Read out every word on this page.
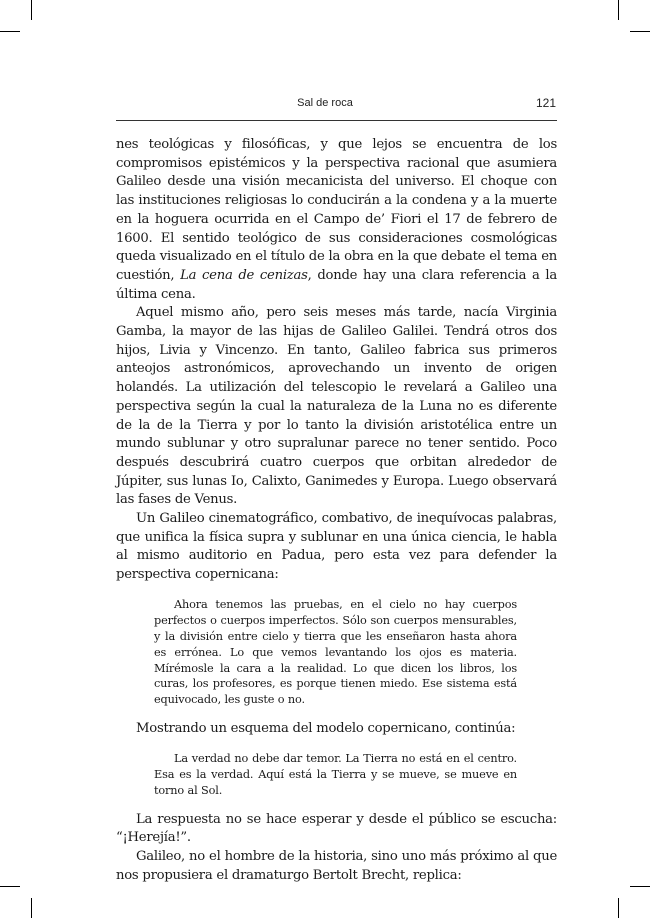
Sal de roca	121

nes teológicas y filosóficas, y que lejos se encuentra de los compromisos epistémicos y la perspectiva racional que asumiera Galileo desde una visión mecanicista del universo. El choque con las instituciones religiosas lo conducirán a la condena y a la muerte en la hoguera ocurrida en el Campo de’ Fiori el 17 de febrero de 1600. El sentido teológico de sus consideraciones cosmológicas queda visualizado en el título de la obra en la que debate el tema en cuestión, La cena de cenizas, donde hay una clara referencia a la última cena.

Aquel mismo año, pero seis meses más tarde, nacía Virginia Gamba, la mayor de las hijas de Galileo Galilei. Tendrá otros dos hijos, Livia y Vincenzo. En tanto, Galileo fabrica sus primeros anteojos astronómicos, aprovechando un invento de origen holandés. La utilización del telescopio le revelará a Galileo una perspectiva según la cual la naturaleza de la Luna no es diferente de la de la Tierra y por lo tanto la división aristotélica entre un mundo sublunar y otro supralunar parece no tener sentido. Poco después descubrirá cuatro cuerpos que orbitan alrededor de Júpiter, sus lunas Io, Calixto, Ganimedes y Europa. Luego observará las fases de Venus.

Un Galileo cinematográfico, combativo, de inequívocas palabras, que unifica la física supra y sublunar en una única ciencia, le habla al mismo auditorio en Padua, pero esta vez para defender la perspectiva copernicana:

Ahora tenemos las pruebas, en el cielo no hay cuerpos perfectos o cuerpos imperfectos. Sólo son cuerpos mensurables, y la división entre cielo y tierra que les enseñaron hasta ahora es errónea. Lo que vemos levantando los ojos es materia. Mírémosle la cara a la realidad. Lo que dicen los libros, los curas, los profesores, es porque tienen miedo. Ese sistema está equivocado, les guste o no.

Mostrando un esquema del modelo copernicano, continúa:

La verdad no debe dar temor. La Tierra no está en el centro. Esa es la verdad. Aquí está la Tierra y se mueve, se mueve en torno al Sol.

La respuesta no se hace esperar y desde el público se escucha: “¡Herejía!”.

Galileo, no el hombre de la historia, sino uno más próximo al que nos propusiera el dramaturgo Bertolt Brecht, replica:
